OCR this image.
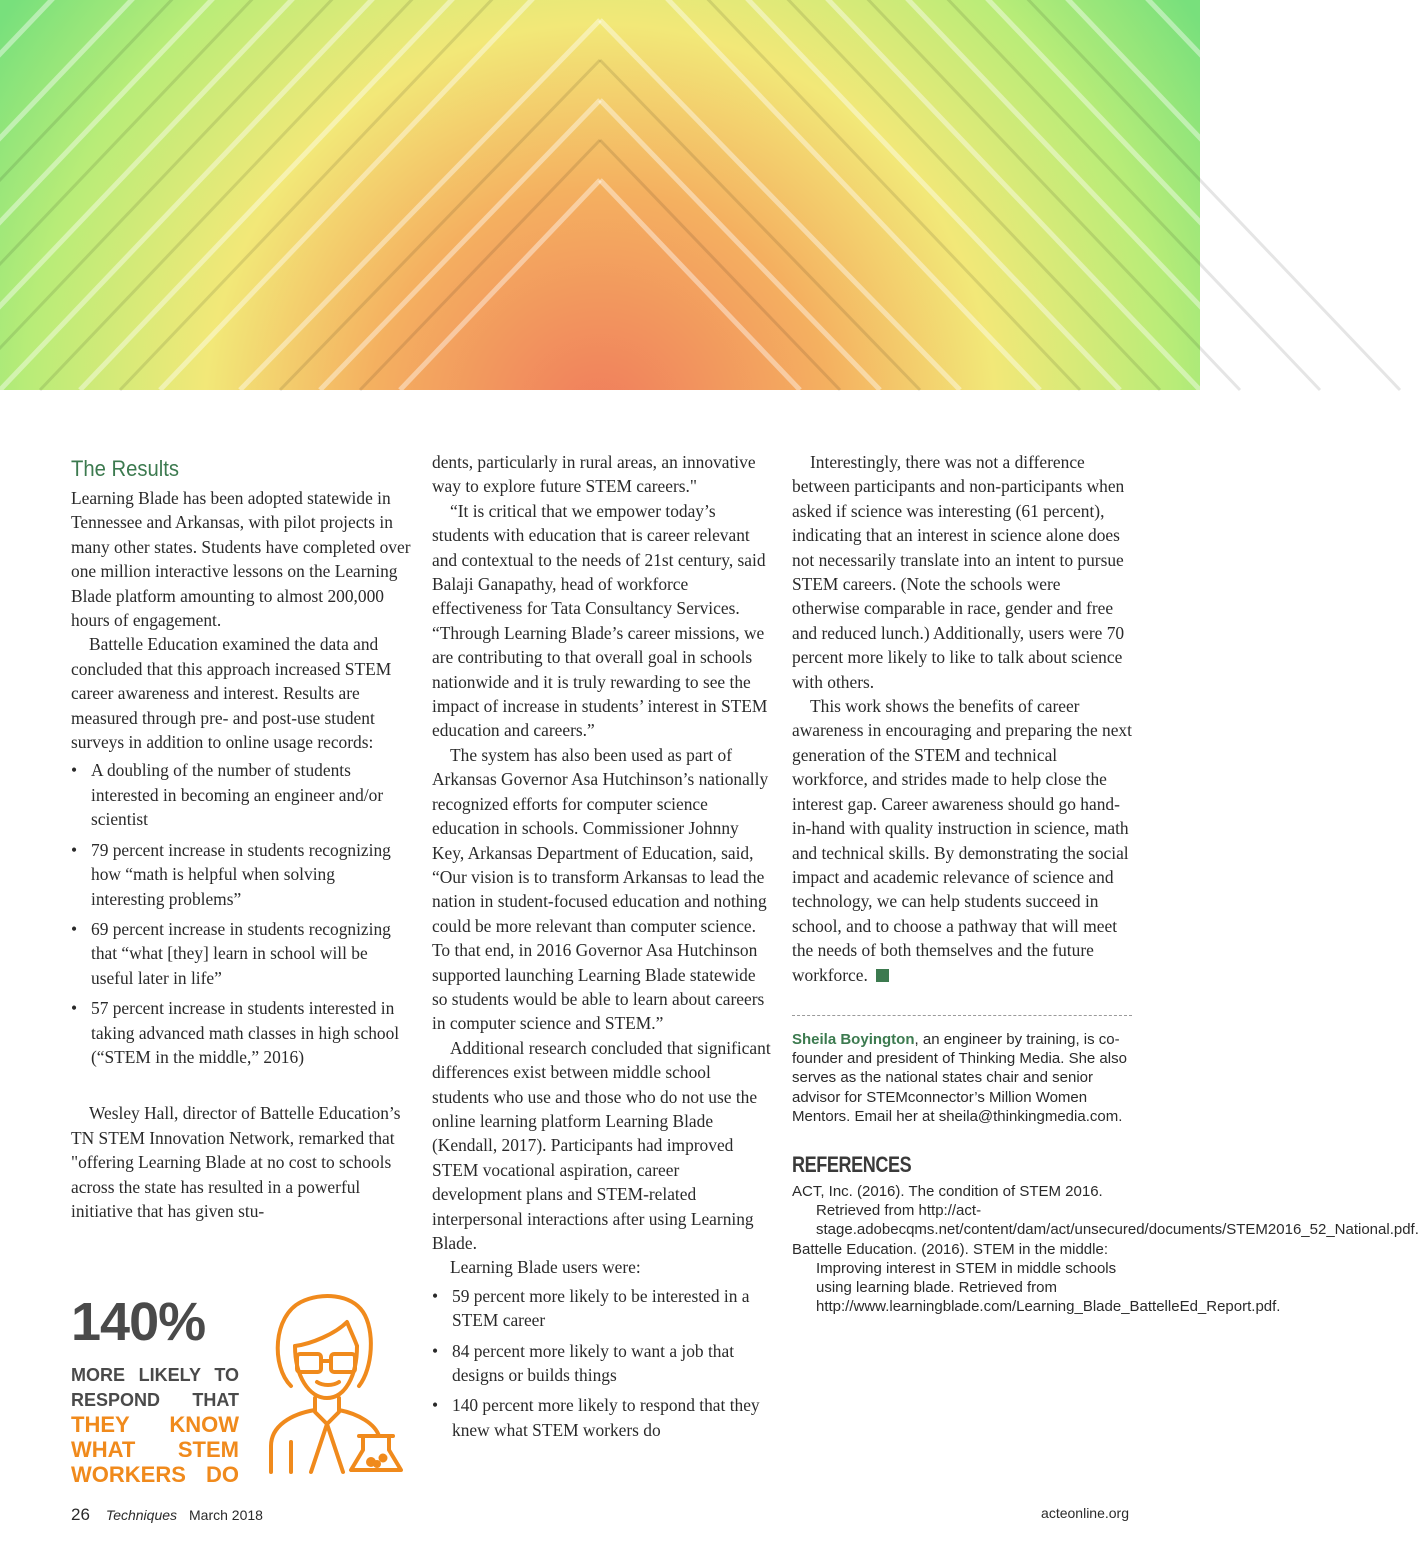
The Results

Learning Blade has been adopted statewide in Tennessee and Arkansas, with pilot projects in many other states. Students have completed over one million interactive lessons on the Learning Blade platform amounting to almost 200,000 hours of engagement.

Battelle Education examined the data and concluded that this approach increased STEM career awareness and interest. Results are measured through pre- and post-use student surveys in addition to online usage records:

• A doubling of the number of students interested in becoming an engineer and/or scientist
• 79 percent increase in students recognizing how “math is helpful when solving interesting problems”
• 69 percent increase in students recognizing that “what [they] learn in school will be useful later in life”
• 57 percent increase in students interested in taking advanced math classes in high school (“STEM in the middle,” 2016)

Wesley Hall, director of Battelle Education’s TN STEM Innovation Network, remarked that "offering Learning Blade at no cost to schools across the state has resulted in a powerful initiative that has given stu-

140%
MORE LIKELY TO
RESPOND THAT
THEY KNOW
WHAT STEM
WORKERS DO

dents, particularly in rural areas, an innovative way to explore future STEM careers."

“It is critical that we empower today’s students with education that is career relevant and contextual to the needs of 21st century, said Balaji Ganapathy, head of workforce effectiveness for Tata Consultancy Services. “Through Learning Blade’s career missions, we are contributing to that overall goal in schools nationwide and it is truly rewarding to see the impact of increase in students’ interest in STEM education and careers.”

The system has also been used as part of Arkansas Governor Asa Hutchinson’s nationally recognized efforts for computer science education in schools. Commissioner Johnny Key, Arkansas Department of Education, said, “Our vision is to transform Arkansas to lead the nation in student-focused education and nothing could be more relevant than computer science. To that end, in 2016 Governor Asa Hutchinson supported launching Learning Blade statewide so students would be able to learn about careers in computer science and STEM.”

Additional research concluded that significant differences exist between middle school students who use and those who do not use the online learning platform Learning Blade (Kendall, 2017). Participants had improved STEM vocational aspiration, career development plans and STEM-related interpersonal interactions after using Learning Blade.

Learning Blade users were:

• 59 percent more likely to be interested in a STEM career
• 84 percent more likely to want a job that designs or builds things
• 140 percent more likely to respond that they knew what STEM workers do

Interestingly, there was not a difference between participants and non-participants when asked if science was interesting (61 percent), indicating that an interest in science alone does not necessarily translate into an intent to pursue STEM careers. (Note the schools were otherwise comparable in race, gender and free and reduced lunch.) Additionally, users were 70 percent more likely to like to talk about science with others.

This work shows the benefits of career awareness in encouraging and preparing the next generation of the STEM and technical workforce, and strides made to help close the interest gap. Career awareness should go hand-in-hand with quality instruction in science, math and technical skills. By demonstrating the social impact and academic relevance of science and technology, we can help students succeed in school, and to choose a pathway that will meet the needs of both themselves and the future workforce.

Sheila Boyington, an engineer by training, is co-founder and president of Thinking Media. She also serves as the national states chair and senior advisor for STEMconnector’s Million Women Mentors. Email her at sheila@thinkingmedia.com.

REFERENCES

ACT, Inc. (2016). The condition of STEM 2016. Retrieved from http://act-stage.adobecqms.net/content/dam/act/unsecured/documents/STEM2016_52_National.pdf.

Battelle Education. (2016). STEM in the middle: Improving interest in STEM in middle schools using learning blade. Retrieved from http://www.learningblade.com/Learning_Blade_BattelleEd_Report.pdf.

26 Techniques March 2018	acteonline.org
